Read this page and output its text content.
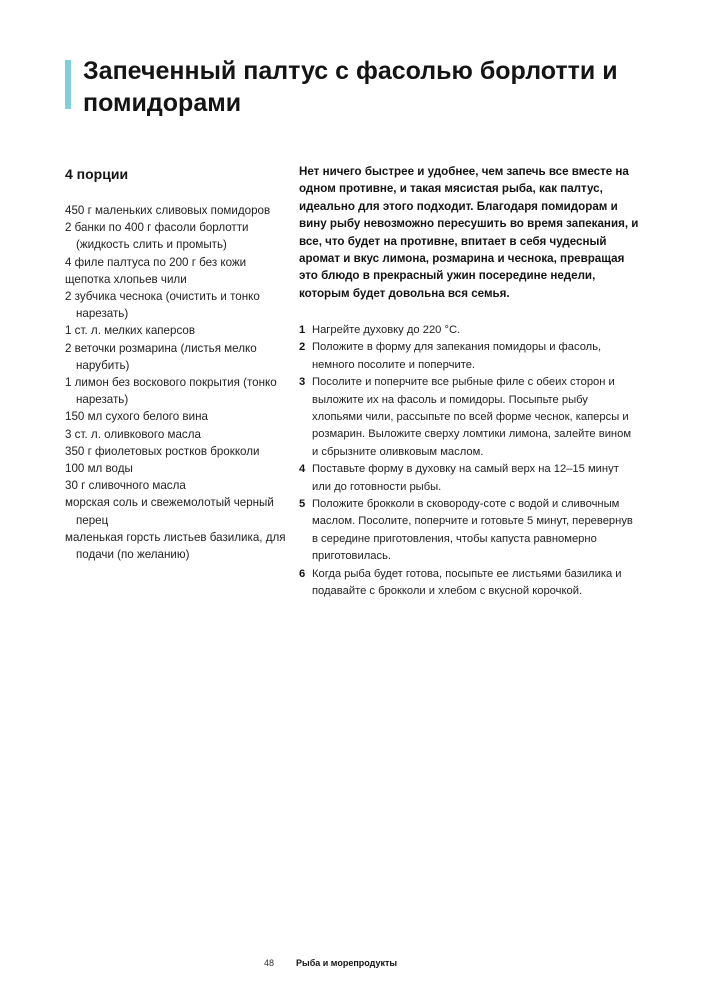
Запеченный палтус с фасолью борлотти и помидорами
4 порции
450 г маленьких сливовых помидоров
2 банки по 400 г фасоли борлотти (жидкость слить и промыть)
4 филе палтуса по 200 г без кожи
щепотка хлопьев чили
2 зубчика чеснока (очистить и тонко нарезать)
1 ст. л. мелких каперсов
2 веточки розмарина (листья мелко нарубить)
1 лимон без воскового покрытия (тонко нарезать)
150 мл сухого белого вина
3 ст. л. оливкового масла
350 г фиолетовых ростков брокколи
100 мл воды
30 г сливочного масла
морская соль и свежемолотый черный перец
маленькая горсть листьев базилика, для подачи (по желанию)

Нет ничего быстрее и удобнее, чем запечь все вместе на одном противне, и такая мясистая рыба, как палтус, идеально для этого подходит. Благодаря помидорам и вину рыбу невозможно пересушить во время запекания, и все, что будет на противне, впитает в себя чудесный аромат и вкус лимона, розмарина и чеснока, превращая это блюдо в прекрасный ужин посередине недели, которым будет довольна вся семья.

1 Нагрейте духовку до 220 °C.
2 Положите в форму для запекания помидоры и фасоль, немного посолите и поперчите.
3 Посолите и поперчите все рыбные филе с обеих сторон и выложите их на фасоль и помидоры. Посыпьте рыбу хлопьями чили, рассыпьте по всей форме чеснок, каперсы и розмарин. Выложите сверху ломтики лимона, залейте вином и сбрызните оливковым маслом.
4 Поставьте форму в духовку на самый верх на 12–15 минут или до готовности рыбы.
5 Положите брокколи в сковороду-соте с водой и сливочным маслом. Посолите, поперчите и готовьте 5 минут, перевернув в середине приготовления, чтобы капуста равномерно приготовилась.
6 Когда рыба будет готова, посыпьте ее листьями базилика и подавайте с брокколи и хлебом с вкусной корочкой.
48 Рыба и морепродукты
